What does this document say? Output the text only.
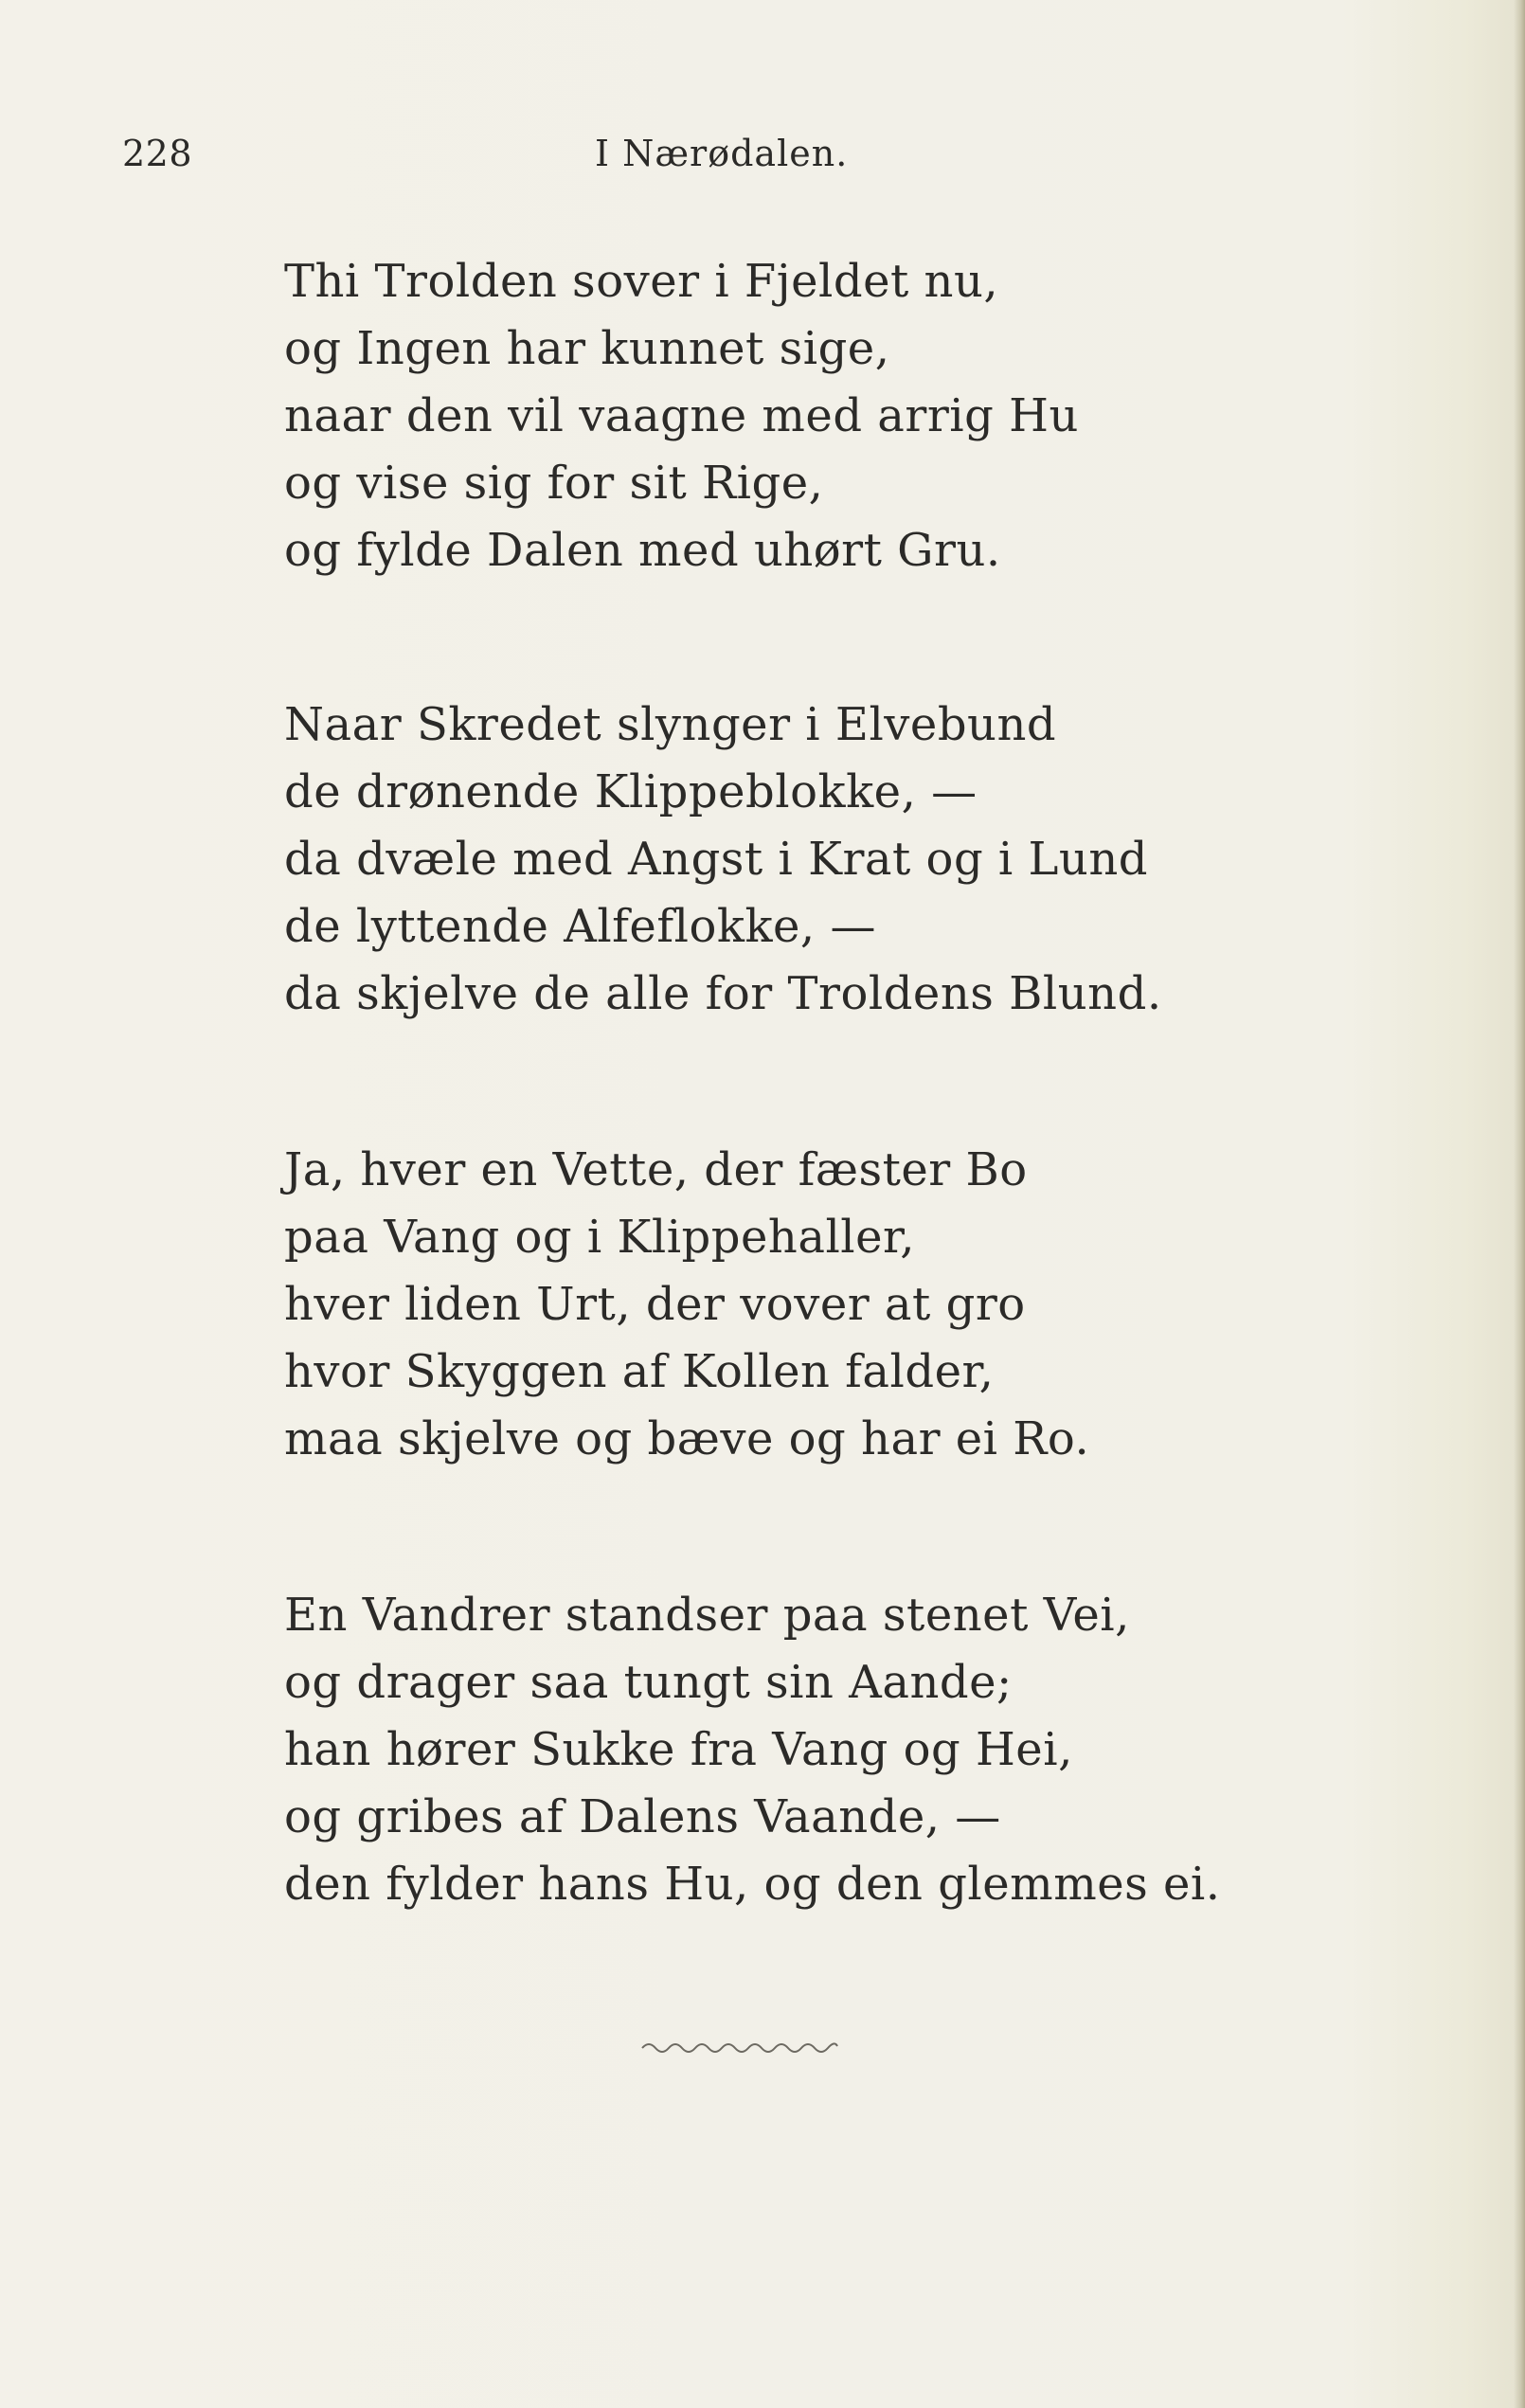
228	I Nærødalen.
Thi Trolden sover i Fjeldet nu,
og Ingen har kunnet sige,
naar den vil vaagne med arrig Hu
og vise sig for sit Rige,
og fylde Dalen med uhørt Gru.
Naar Skredet slynger i Elvebund
de drønende Klippeblokke, —
da dvæle med Angst i Krat og i Lund
de lyttende Alfeflokke, —
da skjelve de alle for Troldens Blund.
Ja, hver en Vette, der fæster Bo
paa Vang og i Klippehaller,
hver liden Urt, der vover at gro
hvor Skyggen af Kollen falder,
maa skjelve og bæve og har ei Ro.
En Vandrer standser paa stenet Vei,
og drager saa tungt sin Aande;
han hører Sukke fra Vang og Hei,
og gribes af Dalens Vaande, —
den fylder hans Hu, og den glemmes ei.
